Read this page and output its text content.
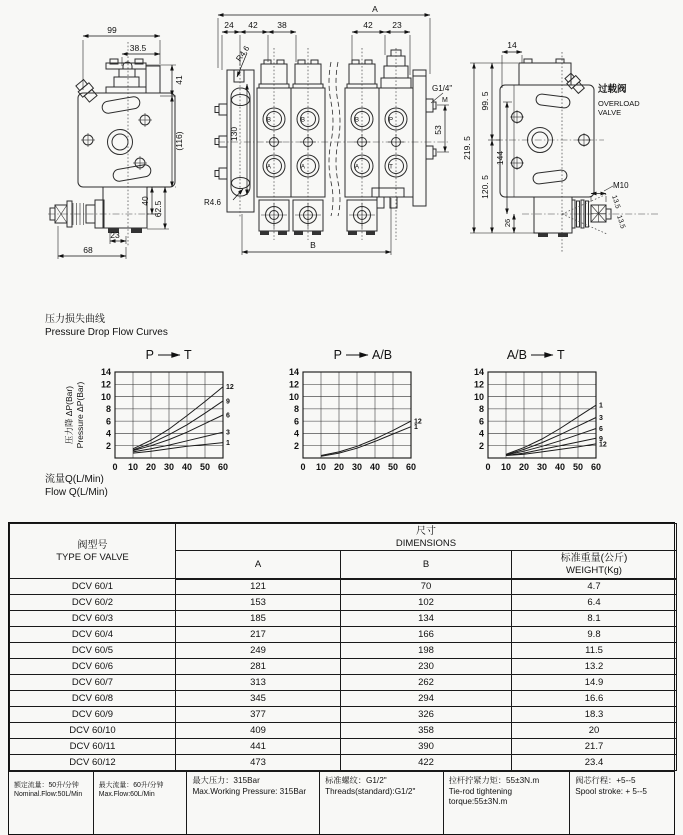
99
38.5
41
(116)
40 62.5
23
68
A
24 42 38	42 23
R4.6
130
B
A
B
A
B
A
P
T
G1/4"
M
53
R4.6
B
M10
13.5
13.5
过载阀
OVERLOAD
VALVE
14
219. 5
99. 5
120. 5
144
26
压力损失曲线
Pressure Drop Flow Curves
压力降 ΔP(Bar) Pressure ΔP(Bar)
0 10 20 30 40 50 60
2
4
6
8
10
12
14
12
9
6
3
1
P T
0 10 20 30 40 50 60
2
4
6
8
10
12
14
12
1
P A/B
0 10 20 30 40 50 60
2
4
6
8
10
12
14
1
3
6
9
12
A/B T
流量Q(L/Min)
Flow Q(L/Min)
阀型号
TYPE OF VALVE	尺寸
DIMENSIONS		

	A	B	标准重量(公斤)
WEIGHT(Kg)

DCV 60/1	121	70	4.7
DCV 60/2	153	102	6.4
DCV 60/3	185	134	8.1
DCV 60/4	217	166	9.8
DCV 60/5	249	198	11.5
DCV 60/6	281	230	13.2
DCV 60/7	313	262	14.9
DCV 60/8	345	294	16.6
DCV 60/9	377	326	18.3
DCV 60/10	409	358	20
DCV 60/11	441	390	21.7
DCV 60/12	473	422	23.4
额定流量：50升/分钟
Nominal.Flow:50L/Min
最大流量：60升/分钟
Max.Flow:60L/Min
最大压力：315Bar
Max.Working Pressure: 315Bar
标准螺纹：G1/2"
Threads(standard):G1/2"
拉杆拧紧力矩：55±3N.m
Tie-rod tightening torque:55±3N.m
阀芯行程：+5--5
Spool stroke: + 5--5
